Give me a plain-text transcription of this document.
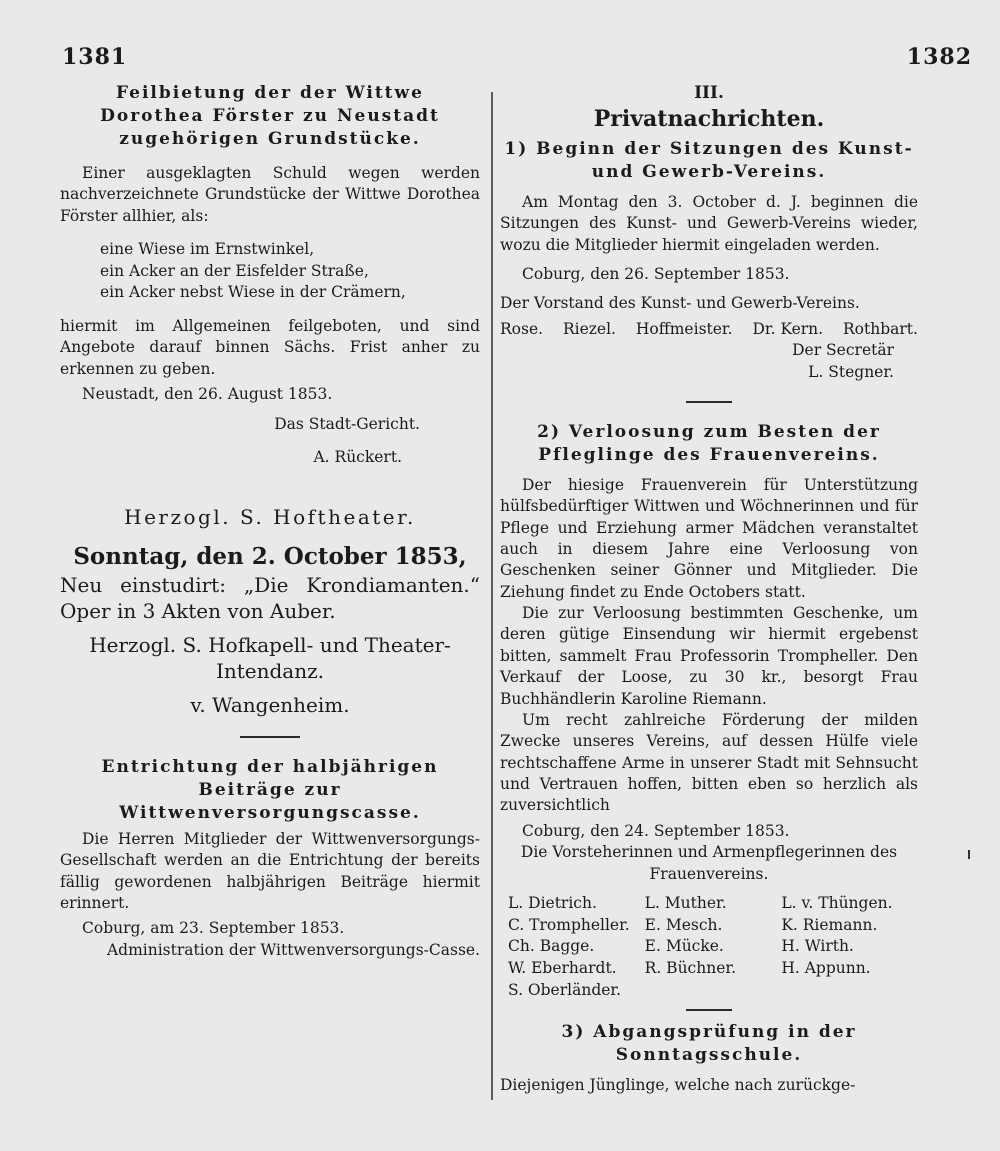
1381	1382

Feilbietung der der Wittwe Dorothea Förster zu Neustadt zugehörigen Grundstücke.

Einer ausgeklagten Schuld wegen werden nachverzeichnete Grundstücke der Wittwe Dorothea Förster allhier, als:

eine Wiese im Ernstwinkel,
ein Acker an der Eisfelder Straße,
ein Acker nebst Wiese in der Crämern,

hiermit im Allgemeinen feilgeboten, und sind Angebote darauf binnen Sächs. Frist anher zu erkennen zu geben.

Neustadt, den 26. August 1853.

Das Stadt-Gericht.

A. Rückert.

Herzogl. S. Hoftheater.

Sonntag, den 2. October 1853,

Neu einstudirt: „Die Krondiamanten.“ Oper in 3 Akten von Auber.

Herzogl. S. Hofkapell- und Theater-Intendanz.

v. Wangenheim.

Entrichtung der halbjährigen Beiträge zur Wittwenversorgungscasse.

Die Herren Mitglieder der Wittwenversorgungs-Gesellschaft werden an die Entrichtung der bereits fällig gewordenen halbjährigen Beiträge hiermit erinnert.

Coburg, am 23. September 1853.

Administration der Wittwenversorgungs-Casse.

III.

Privatnachrichten.

1) Beginn der Sitzungen des Kunst- und Gewerb-Vereins.

Am Montag den 3. October d. J. beginnen die Sitzungen des Kunst- und Gewerb-Vereins wieder, wozu die Mitglieder hiermit eingeladen werden.

Coburg, den 26. September 1853.

Der Vorstand des Kunst- und Gewerb-Vereins.

Rose. Riezel. Hoffmeister. Dr. Kern. Rothbart.

Der Secretär

L. Stegner.

2) Verloosung zum Besten der Pfleglinge des Frauenvereins.

Der hiesige Frauenverein für Unterstützung hülfsbedürftiger Wittwen und Wöchnerinnen und für Pflege und Erziehung armer Mädchen veranstaltet auch in diesem Jahre eine Verloosung von Geschenken seiner Gönner und Mitglieder. Die Ziehung findet zu Ende Octobers statt.

Die zur Verloosung bestimmten Geschenke, um deren gütige Einsendung wir hiermit ergebenst bitten, sammelt Frau Professorin Trompheller. Den Verkauf der Loose, zu 30 kr., besorgt Frau Buchhändlerin Karoline Riemann.

Um recht zahlreiche Förderung der milden Zwecke unseres Vereins, auf dessen Hülfe viele rechtschaffene Arme in unserer Stadt mit Sehnsucht und Vertrauen hoffen, bitten eben so herzlich als zuversichtlich

Coburg, den 24. September 1853.

Die Vorsteherinnen und Armenpflegerinnen des Frauenvereins.

L. Dietrich.	L. Muther.	L. v. Thüngen.
C. Trompheller. E. Mesch.	K. Riemann.
Ch. Bagge.	E. Mücke.	H. Wirth.
W. Eberhardt.	R. Büchner.	H. Appunn.
S. Oberländer.

3) Abgangsprüfung in der Sonntagsschule.

Diejenigen Jünglinge, welche nach zurückge-
